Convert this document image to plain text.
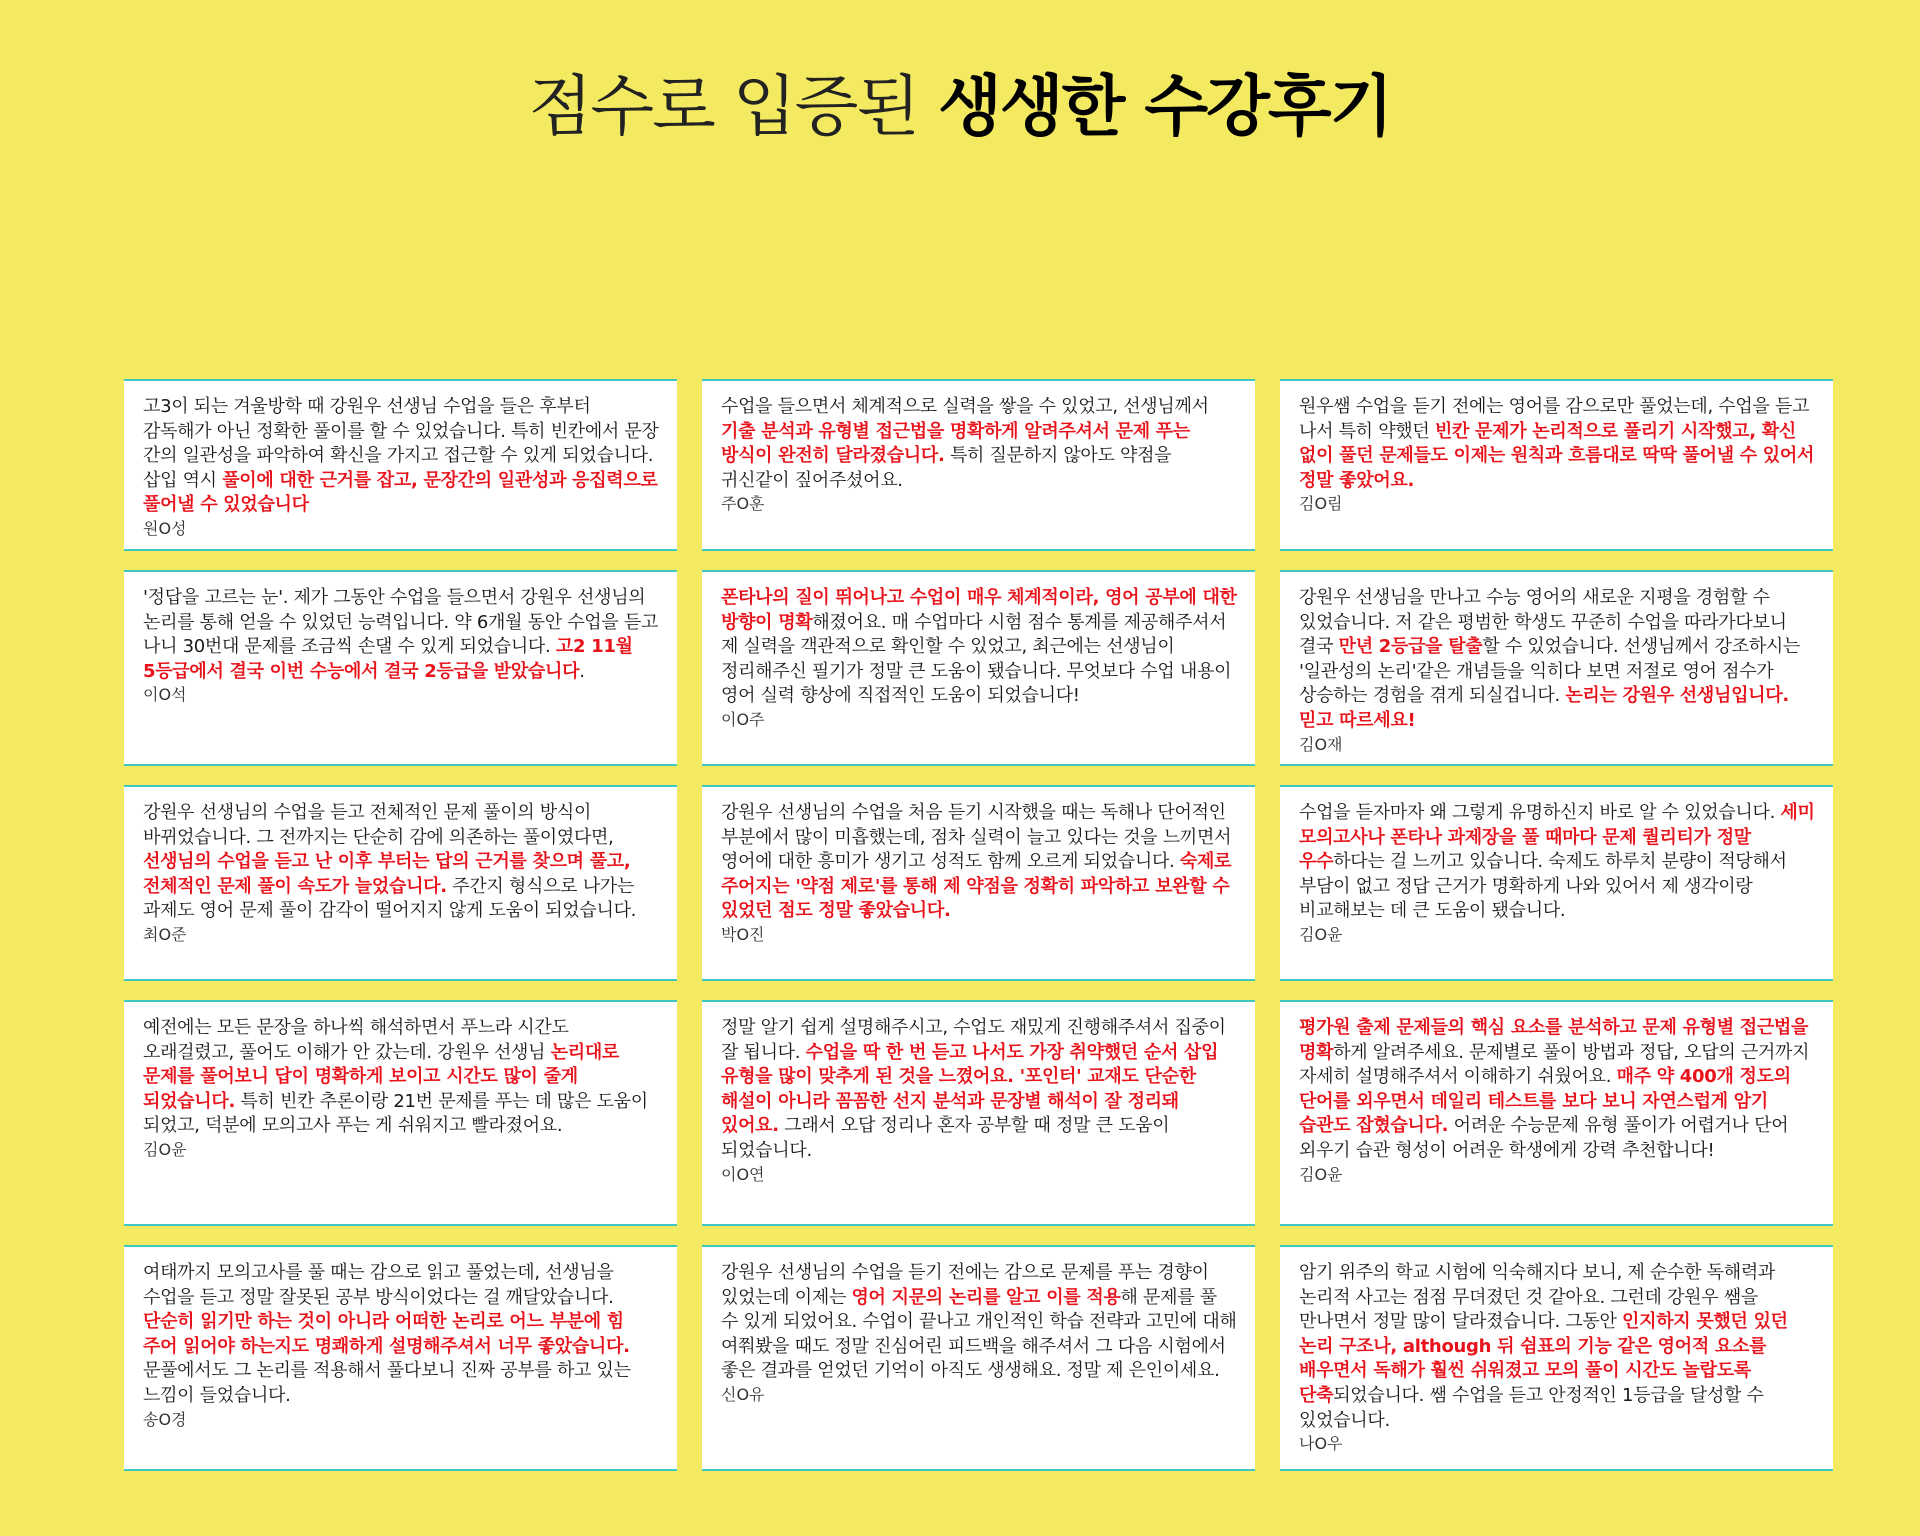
점수로 입증된 생생한 수강후기
고3이 되는 겨울방학 때 강원우 선생님 수업을 들은 후부터 감독해가 아닌 정확한 풀이를 할 수 있었습니다. 특히 빈칸에서 문장 간의 일관성을 파악하여 확신을 가지고 접근할 수 있게 되었습니다. 삽입 역시 풀이에 대한 근거를 잡고, 문장간의 일관성과 응집력으로 풀어낼 수 있었습니다
원O성
수업을 들으면서 체계적으로 실력을 쌓을 수 있었고, 선생님께서 기출 분석과 유형별 접근법을 명확하게 알려주셔서 문제 푸는 방식이 완전히 달라졌습니다. 특히 질문하지 않아도 약점을 귀신같이 짚어주셨어요.
주O훈
원우쌤 수업을 듣기 전에는 영어를 감으로만 풀었는데, 수업을 듣고 나서 특히 약했던 빈칸 문제가 논리적으로 풀리기 시작했고, 확신 없이 풀던 문제들도 이제는 원칙과 흐름대로 딱딱 풀어낼 수 있어서 정말 좋았어요.
김O림
'정답을 고르는 눈'. 제가 그동안 수업을 들으면서 강원우 선생님의 논리를 통해 얻을 수 있었던 능력입니다. 약 6개월 동안 수업을 듣고 나니 30번대 문제를 조금씩 손댈 수 있게 되었습니다. 고2 11월 5등급에서 결국 이번 수능에서 결국 2등급을 받았습니다.
이O석
폰타나의 질이 뛰어나고 수업이 매우 체계적이라, 영어 공부에 대한 방향이 명확해졌어요. 매 수업마다 시험 점수 통계를 제공해주셔서 제 실력을 객관적으로 확인할 수 있었고, 최근에는 선생님이 정리해주신 필기가 정말 큰 도움이 됐습니다. 무엇보다 수업 내용이 영어 실력 향상에 직접적인 도움이 되었습니다!
이O주
강원우 선생님을 만나고 수능 영어의 새로운 지평을 경험할 수 있었습니다. 저 같은 평범한 학생도 꾸준히 수업을 따라가다보니 결국 만년 2등급을 탈출할 수 있었습니다. 선생님께서 강조하시는 '일관성의 논리'같은 개념들을 익히다 보면 저절로 영어 점수가 상승하는 경험을 겪게 되실겁니다. 논리는 강원우 선생님입니다. 믿고 따르세요!
김O재
강원우 선생님의 수업을 듣고 전체적인 문제 풀이의 방식이 바뀌었습니다. 그 전까지는 단순히 감에 의존하는 풀이였다면, 선생님의 수업을 듣고 난 이후 부터는 답의 근거를 찾으며 풀고, 전체적인 문제 풀이 속도가 늘었습니다. 주간지 형식으로 나가는 과제도 영어 문제 풀이 감각이 떨어지지 않게 도움이 되었습니다.
최O준
강원우 선생님의 수업을 처음 듣기 시작했을 때는 독해나 단어적인 부분에서 많이 미흡했는데, 점차 실력이 늘고 있다는 것을 느끼면서 영어에 대한 흥미가 생기고 성적도 함께 오르게 되었습니다. 숙제로 주어지는 '약점 제로'를 통해 제 약점을 정확히 파악하고 보완할 수 있었던 점도 정말 좋았습니다.
박O진
수업을 듣자마자 왜 그렇게 유명하신지 바로 알 수 있었습니다. 세미 모의고사나 폰타나 과제장을 풀 때마다 문제 퀄리티가 정말 우수하다는 걸 느끼고 있습니다. 숙제도 하루치 분량이 적당해서 부담이 없고 정답 근거가 명확하게 나와 있어서 제 생각이랑 비교해보는 데 큰 도움이 됐습니다.
김O윤
예전에는 모든 문장을 하나씩 해석하면서 푸느라 시간도 오래걸렸고, 풀어도 이해가 안 갔는데. 강원우 선생님 논리대로 문제를 풀어보니 답이 명확하게 보이고 시간도 많이 줄게 되었습니다. 특히 빈칸 추론이랑 21번 문제를 푸는 데 많은 도움이 되었고, 덕분에 모의고사 푸는 게 쉬워지고 빨라졌어요.
김O윤
정말 알기 쉽게 설명해주시고, 수업도 재밌게 진행해주셔서 집중이 잘 됩니다. 수업을 딱 한 번 듣고 나서도 가장 취약했던 순서 삽입 유형을 많이 맞추게 된 것을 느꼈어요. '포인터' 교재도 단순한 해설이 아니라 꼼꼼한 선지 분석과 문장별 해석이 잘 정리돼 있어요. 그래서 오답 정리나 혼자 공부할 때 정말 큰 도움이 되었습니다.
이O연
평가원 출제 문제들의 핵심 요소를 분석하고 문제 유형별 접근법을 명확하게 알려주세요. 문제별로 풀이 방법과 정답, 오답의 근거까지 자세히 설명해주셔서 이해하기 쉬웠어요. 매주 약 400개 정도의 단어를 외우면서 데일리 테스트를 보다 보니 자연스럽게 암기 습관도 잡혔습니다. 어려운 수능문제 유형 풀이가 어렵거나 단어 외우기 습관 형성이 어려운 학생에게 강력 추천합니다!
김O윤
여태까지 모의고사를 풀 때는 감으로 읽고 풀었는데, 선생님을 수업을 듣고 정말 잘못된 공부 방식이었다는 걸 깨달았습니다. 단순히 읽기만 하는 것이 아니라 어떠한 논리로 어느 부분에 힘 주어 읽어야 하는지도 명쾌하게 설명해주셔서 너무 좋았습니다. 문풀에서도 그 논리를 적용해서 풀다보니 진짜 공부를 하고 있는 느낌이 들었습니다.
송O경
강원우 선생님의 수업을 듣기 전에는 감으로 문제를 푸는 경향이 있었는데 이제는 영어 지문의 논리를 알고 이를 적용해 문제를 풀 수 있게 되었어요. 수업이 끝나고 개인적인 학습 전략과 고민에 대해 여쭤봤을 때도 정말 진심어린 피드백을 해주셔서 그 다음 시험에서 좋은 결과를 얻었던 기억이 아직도 생생해요. 정말 제 은인이세요.
신O유
암기 위주의 학교 시험에 익숙해지다 보니, 제 순수한 독해력과 논리적 사고는 점점 무뎌졌던 것 같아요. 그런데 강원우 쌤을 만나면서 정말 많이 달라졌습니다. 그동안 인지하지 못했던 있던 논리 구조나, although 뒤 쉼표의 기능 같은 영어적 요소를 배우면서 독해가 훨씬 쉬워졌고 모의 풀이 시간도 놀랍도록 단축되었습니다. 쌤 수업을 듣고 안정적인 1등급을 달성할 수 있었습니다.
나O우
